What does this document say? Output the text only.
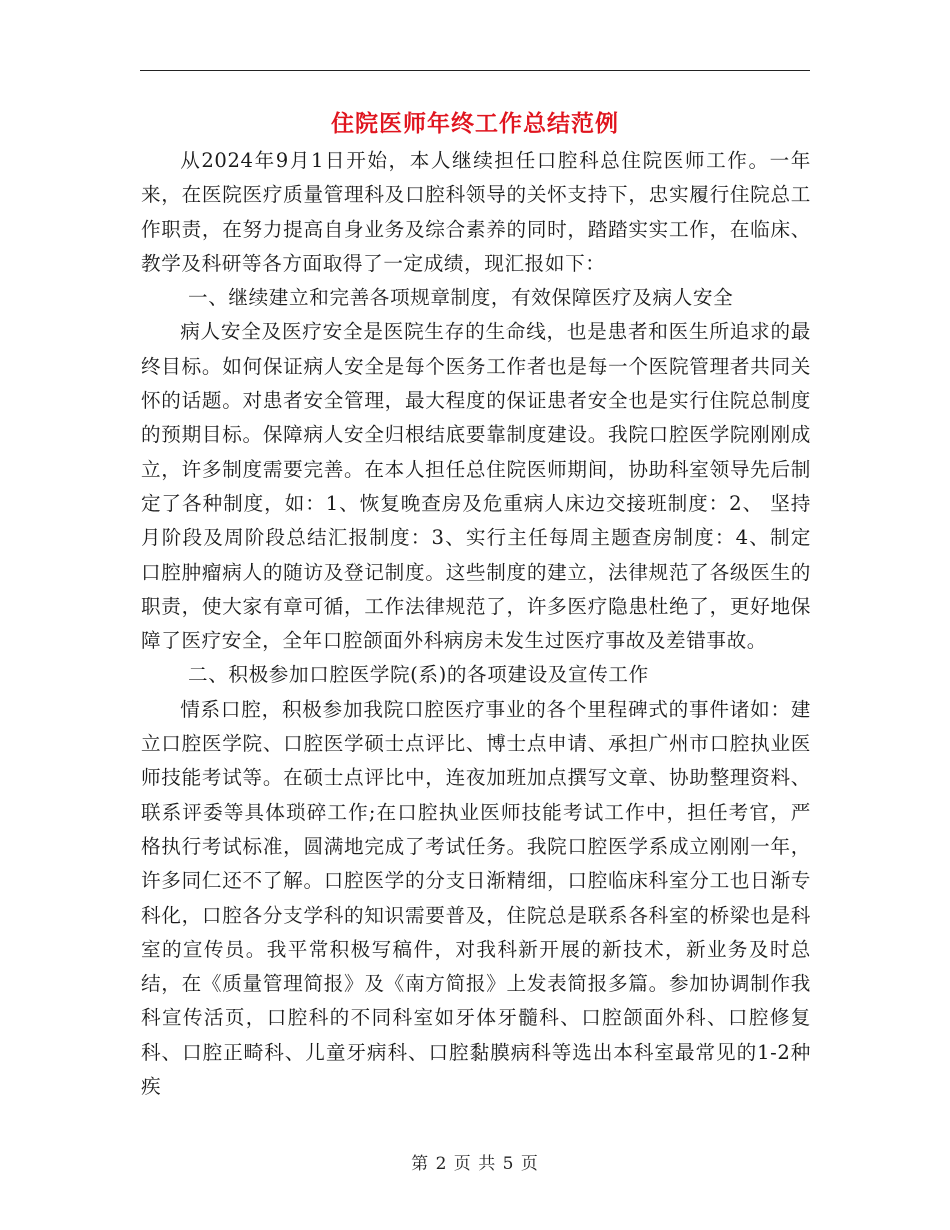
住院医师年终工作总结范例

从2024年9月1日开始，本人继续担任口腔科总住院医师工作。一年来，在医院医疗质量管理科及口腔科领导的关怀支持下，忠实履行住院总工作职责，在努力提高自身业务及综合素养的同时，踏踏实实工作，在临床、教学及科研等各方面取得了一定成绩，现汇报如下：

一、继续建立和完善各项规章制度，有效保障医疗及病人安全

病人安全及医疗安全是医院生存的生命线，也是患者和医生所追求的最终目标。如何保证病人安全是每个医务工作者也是每一个医院管理者共同关怀的话题。对患者安全管理，最大程度的保证患者安全也是实行住院总制度的预期目标。保障病人安全归根结底要靠制度建设。我院口腔医学院刚刚成立，许多制度需要完善。在本人担任总住院医师期间，协助科室领导先后制定了各种制度，如：1、恢复晚查房及危重病人床边交接班制度：2、 坚持月阶段及周阶段总结汇报制度：3、实行主任每周主题查房制度：4、制定口腔肿瘤病人的随访及登记制度。这些制度的建立，法律规范了各级医生的职责，使大家有章可循，工作法律规范了，许多医疗隐患杜绝了，更好地保障了医疗安全，全年口腔颌面外科病房未发生过医疗事故及差错事故。

二、积极参加口腔医学院(系)的各项建设及宣传工作

情系口腔，积极参加我院口腔医疗事业的各个里程碑式的事件诸如：建立口腔医学院、口腔医学硕士点评比、博士点申请、承担广州市口腔执业医师技能考试等。在硕士点评比中，连夜加班加点撰写文章、协助整理资料、联系评委等具体琐碎工作;在口腔执业医师技能考试工作中，担任考官，严格执行考试标准，圆满地完成了考试任务。我院口腔医学系成立刚刚一年，许多同仁还不了解。口腔医学的分支日渐精细，口腔临床科室分工也日渐专科化，口腔各分支学科的知识需要普及，住院总是联系各科室的桥梁也是科室的宣传员。我平常积极写稿件，对我科新开展的新技术，新业务及时总结，在《质量管理简报》及《南方简报》上发表简报多篇。参加协调制作我科宣传活页，口腔科的不同科室如牙体牙髓科、口腔颌面外科、口腔修复科、口腔正畸科、儿童牙病科、口腔黏膜病科等选出本科室最常见的1-2种疾

第 2 页 共 5 页
